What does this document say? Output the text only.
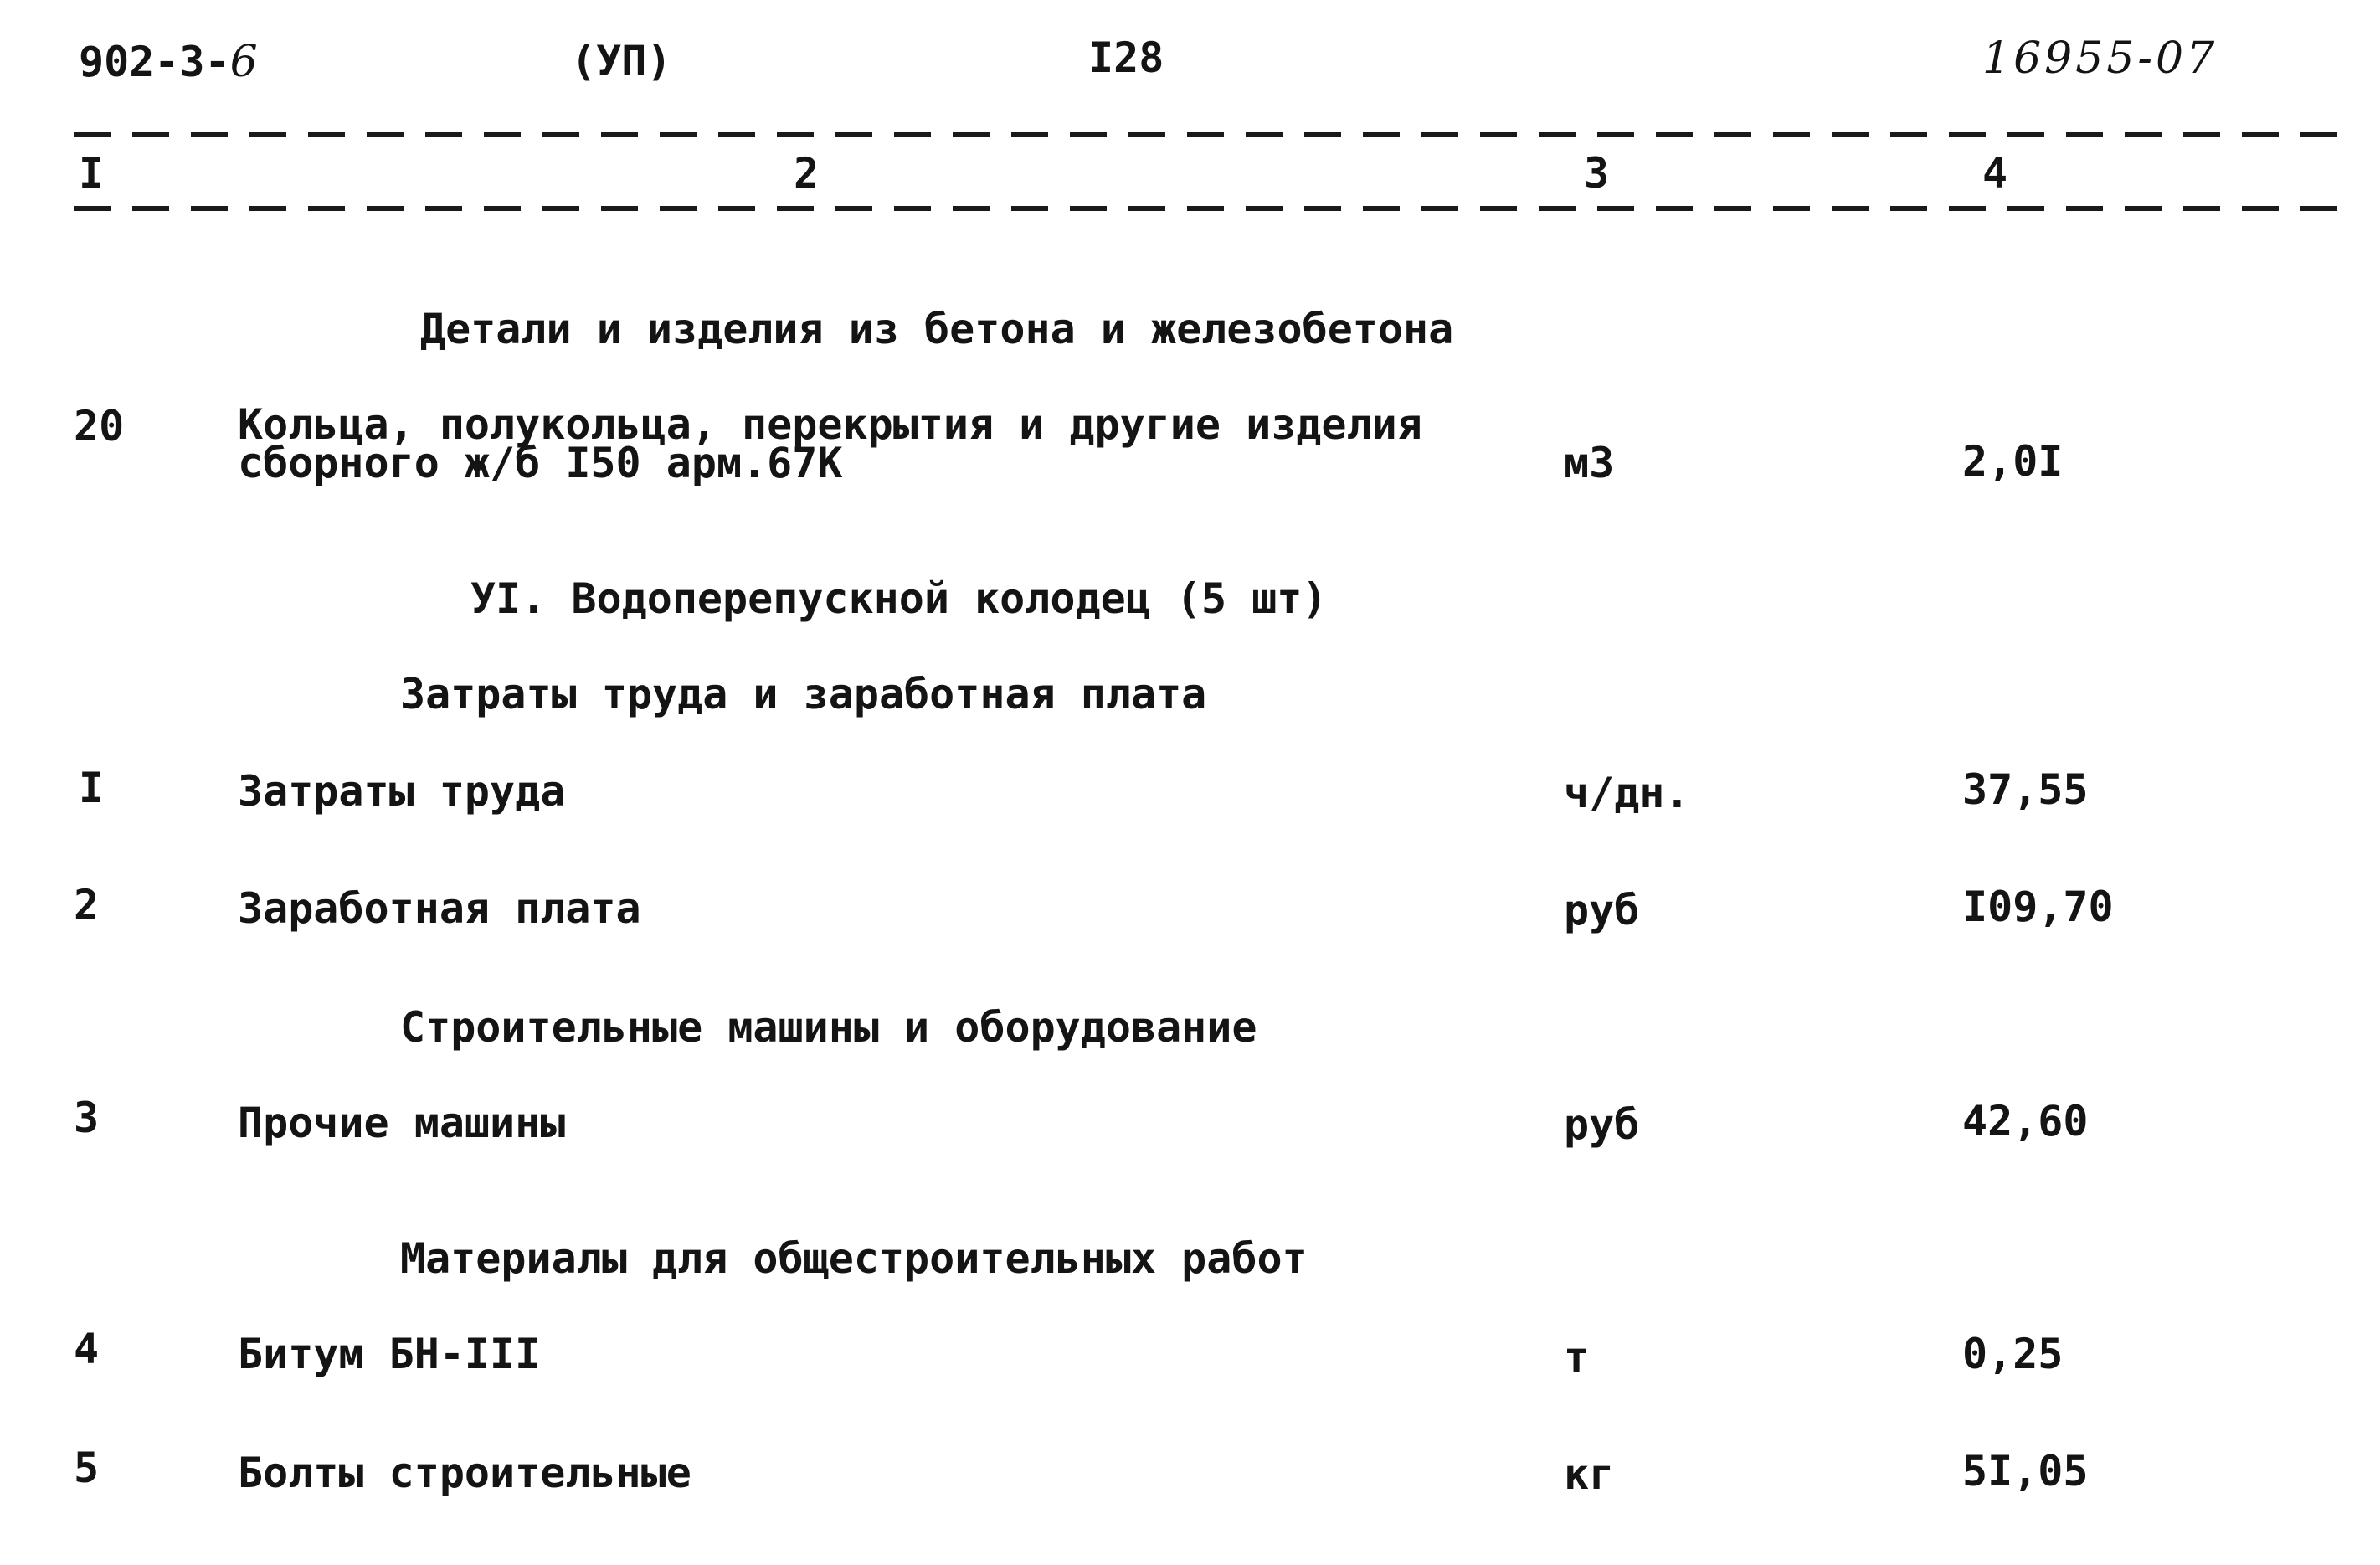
902-3-6	(УП)	I28	16955-07
I	2	3	4
Детали и изделия из бетона и железобетона
20	Кольца, полукольца, перекрытия и другие изделия
сборного ж/б I50 арм.67К	м3	2,0I
УI. Водоперепускной колодец (5 шт)
Затраты труда и заработная плата
I	Затраты труда	ч/дн.	37,55
2	Заработная плата	руб	I09,70
Строительные машины и оборудование
3	Прочие машины	руб	42,60
Материалы для общестроительных работ
4	Битум БН-III	т	0,25
5	Болты строительные	кг	5I,05
